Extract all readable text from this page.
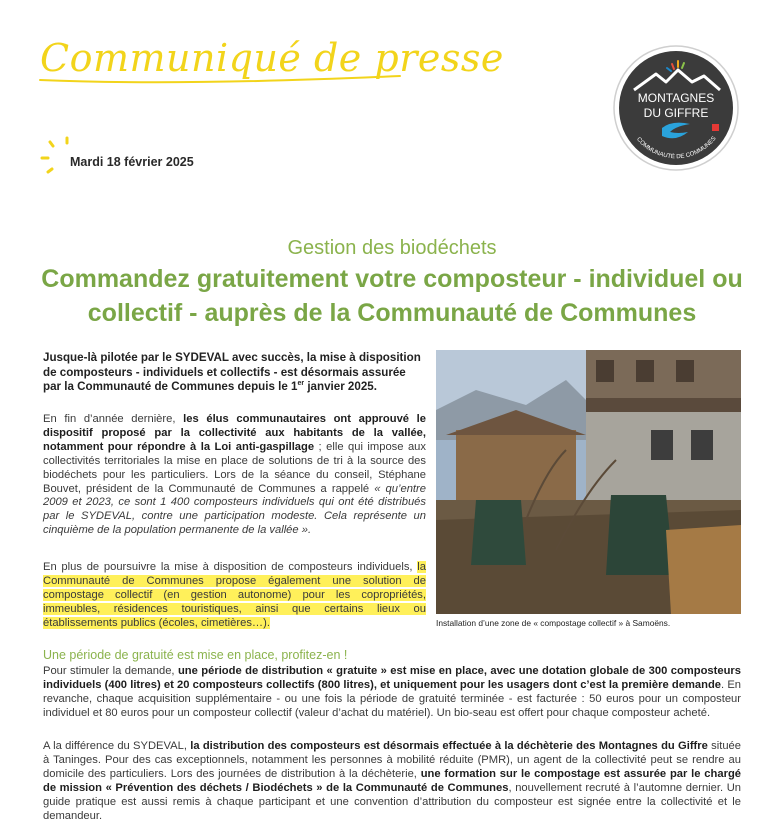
Communiqué de presse
Mardi 18 février 2025
MONTAGNES
DU GIFFRE
COMMUNAUTÉ DE COMMUNES
Gestion des biodéchets
Commandez gratuitement votre composteur - individuel ou collectif - auprès de la Communauté de Communes
Jusque-là pilotée par le SYDEVAL avec succès, la mise à disposition de composteurs - individuels et collectifs - est désormais assurée par la Communauté de Communes depuis le 1er janvier 2025.
En fin d’année dernière, les élus communautaires ont approuvé le dispositif proposé par la collectivité aux habitants de la vallée, notamment pour répondre à la Loi anti-gaspillage ; elle qui impose aux collectivités territoriales la mise en place de solutions de tri à la source des biodéchets pour les particuliers. Lors de la séance du conseil, Stéphane Bouvet, président de la Communauté de Communes a rappelé « qu’entre 2009 et 2023, ce sont 1 400 composteurs individuels qui ont été distribués par le SYDEVAL, contre une participation modeste. Cela représente un cinquième de la population permanente de la vallée ».
En plus de poursuivre la mise à disposition de composteurs individuels, la Communauté de Communes propose également une solution de compostage collectif (en gestion autonome) pour les copropriétés, immeubles, résidences touristiques, ainsi que certains lieux ou établissements publics (écoles, cimetières…).	Installation d’une zone de « compostage collectif » à Samoëns.
Une période de gratuité est mise en place, profitez-en !
Pour stimuler la demande, une période de distribution « gratuite » est mise en place, avec une dotation globale de 300 composteurs individuels (400 litres) et 20 composteurs collectifs (800 litres), et uniquement pour les usagers dont c’est la première demande. En revanche, chaque acquisition supplémentaire - ou une fois la période de gratuité terminée - est facturée : 50 euros pour un composteur individuel et 80 euros pour un composteur collectif (valeur d’achat du matériel). Un bio-seau est offert pour chaque composteur acheté.
A la différence du SYDEVAL, la distribution des composteurs est désormais effectuée à la déchèterie des Montagnes du Giffre située à Taninges. Pour des cas exceptionnels, notamment les personnes à mobilité réduite (PMR), un agent de la collectivité peut se rendre au domicile des particuliers. Lors des journées de distribution à la déchèterie, une formation sur le compostage est assurée par le chargé de mission « Prévention des déchets / Biodéchets » de la Communauté de Communes, nouvellement recruté à l’automne dernier. Un guide pratique est aussi remis à chaque participant et une convention d’attribution du composteur est signée entre la collectivité et le demandeur.
